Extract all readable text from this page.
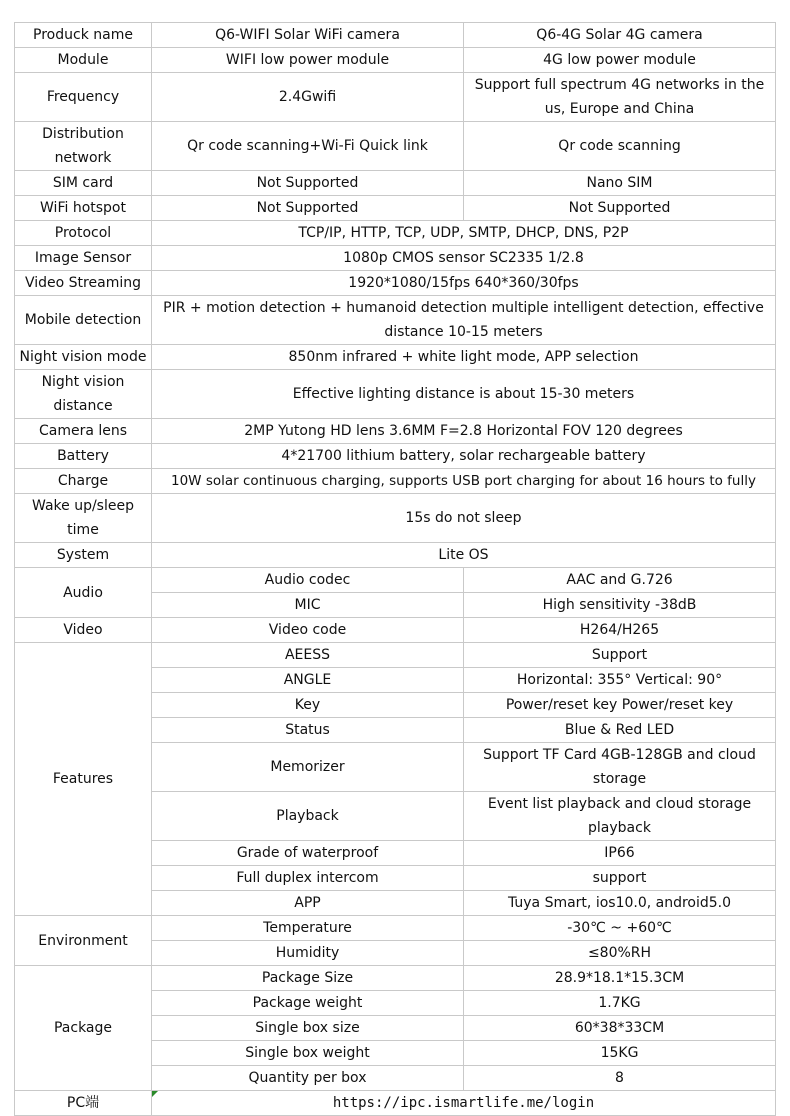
Produck name	Q6-WIFI Solar WiFi camera	Q6-4G Solar 4G camera
Module	WIFI low power module	4G low power module
Frequency	2.4Gwifi	Support full spectrum 4G networks in the us, Europe and China
Distribution network	Qr code scanning+Wi-Fi Quick link	Qr code scanning
SIM card	Not Supported	Nano SIM
WiFi hotspot	Not Supported	Not Supported
Protocol	TCP/IP, HTTP, TCP, UDP, SMTP, DHCP, DNS, P2P	
Image Sensor	1080p CMOS sensor SC2335 1/2.8	
Video Streaming	1920*1080/15fps 640*360/30fps	
Mobile detection	PIR + motion detection + humanoid detection multiple intelligent detection, effective distance 10-15 meters	
Night vision mode	850nm infrared + white light mode, APP selection	
Night vision distance	Effective lighting distance is about 15-30 meters	
Camera lens	2MP Yutong HD lens 3.6MM F=2.8 Horizontal FOV 120 degrees	
Battery	4*21700 lithium battery, solar rechargeable battery	
Charge	10W solar continuous charging, supports USB port charging for about 16 hours to fully	
Wake up/sleep time	15s do not sleep	
System	Lite OS	
Audio	Audio codec	AAC and G.726
	MIC	High sensitivity -38dB
Video	Video code	H264/H265
Features	AEESS	Support
	ANGLE	Horizontal: 355° Vertical: 90°
	Key	Power/reset key Power/reset key
	Status	Blue & Red LED
	Memorizer	Support TF Card 4GB-128GB and cloud storage
	Playback	Event list playback and cloud storage playback
	Grade of waterproof	IP66
	Full duplex intercom	support
	APP	Tuya Smart, ios10.0, android5.0
Environment	Temperature	-30℃ ~ +60℃
	Humidity	≤80%RH
Package	Package Size	28.9*18.1*15.3CM
	Package weight	1.7KG
	Single box size	60*38*33CM
	Single box weight	15KG
	Quantity per box	8
PC端	https://ipc.ismartlife.me/login	
